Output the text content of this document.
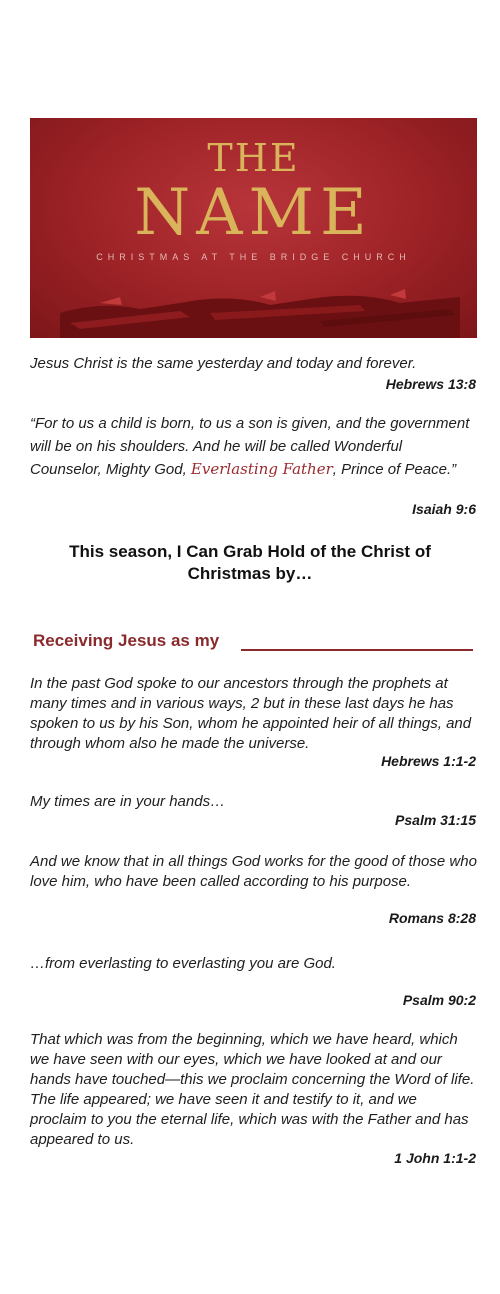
THE
NAME
CHRISTMAS AT THE BRIDGE CHURCH
Jesus Christ is the same yesterday and today and forever.
Hebrews 13:8
“For to us a child is born, to us a son is given, and the government will be on his shoulders. And he will be called Wonderful Counselor, Mighty God, Everlasting Father, Prince of Peace.”
Isaiah 9:6
This season, I Can Grab Hold of the Christ of Christmas by…
Receiving Jesus as my
In the past God spoke to our ancestors through the prophets at many times and in various ways, 2 but in these last days he has spoken to us by his Son, whom he appointed heir of all things, and through whom also he made the universe.
Hebrews 1:1-2
My times are in your hands…
Psalm 31:15
And we know that in all things God works for the good of those who love him, who have been called according to his purpose.
Romans 8:28
…from everlasting to everlasting you are God.
Psalm 90:2
That which was from the beginning, which we have heard, which we have seen with our eyes, which we have looked at and our hands have touched—this we proclaim concerning the Word of life. The life appeared; we have seen it and testify to it, and we proclaim to you the eternal life, which was with the Father and has appeared to us.
1 John 1:1-2
